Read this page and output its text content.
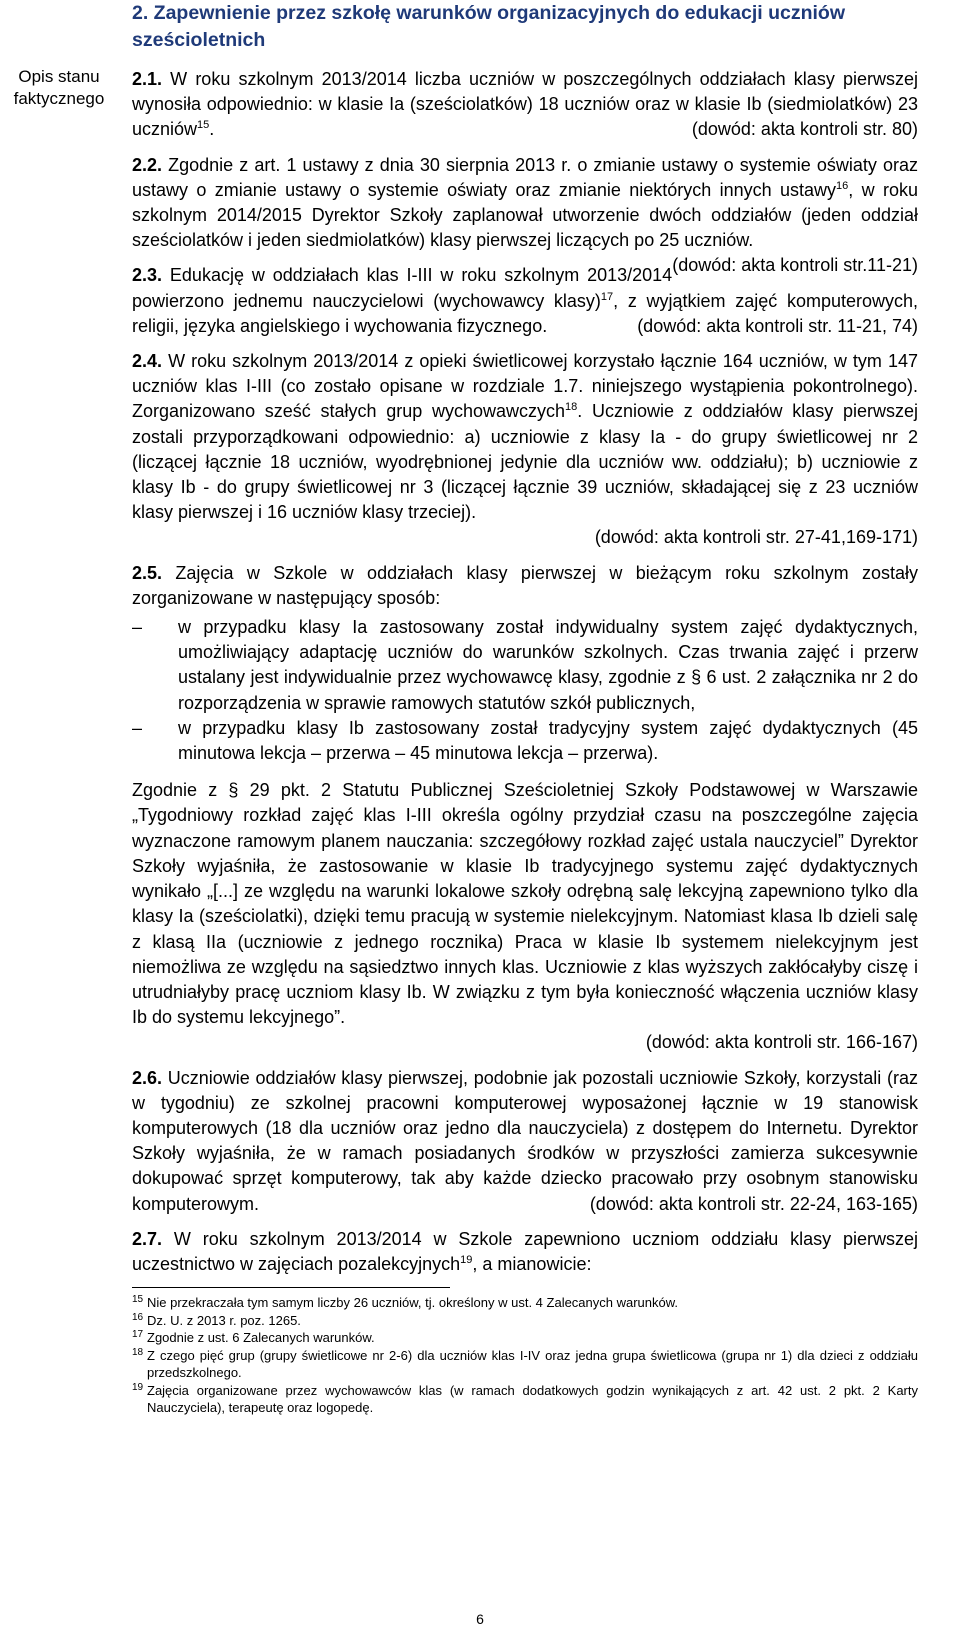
Opis stanu
faktycznego
2. Zapewnienie przez szkołę warunków organizacyjnych do edukacji uczniów sześcioletnich
2.1. W roku szkolnym 2013/2014 liczba uczniów w poszczególnych oddziałach klasy pierwszej wynosiła odpowiednio: w klasie Ia (sześciolatków) 18 uczniów oraz w klasie Ib (siedmiolatków) 23 uczniów$^{15}$.	(dowód: akta kontroli str. 80)
2.2. Zgodnie z art. 1 ustawy z dnia 30 sierpnia 2013 r. o zmianie ustawy o systemie oświaty oraz ustawy o zmianie ustawy o systemie oświaty oraz zmianie niektórych innych ustawy$^{16}$, w roku szkolnym 2014/2015 Dyrektor Szkoły zaplanował utworzenie dwóch oddziałów (jeden oddział sześciolatków i jeden siedmiolatków) klasy pierwszej liczących po 25 uczniów.
(dowód: akta kontroli str.11-21)
2.3. Edukację w oddziałach klas I-III w roku szkolnym 2013/2014 powierzono jednemu nauczycielowi (wychowawcy klasy)$^{17}$, z wyjątkiem zajęć komputerowych, religii, języka angielskiego i wychowania fizycznego.	(dowód: akta kontroli str. 11-21, 74)
2.4. W roku szkolnym 2013/2014 z opieki świetlicowej korzystało łącznie 164 uczniów, w tym 147 uczniów klas I-III (co zostało opisane w rozdziale 1.7. niniejszego wystąpienia pokontrolnego). Zorganizowano sześć stałych grup wychowawczych$^{18}$. Uczniowie z oddziałów klasy pierwszej zostali przyporządkowani odpowiednio: a) uczniowie z klasy Ia - do grupy świetlicowej nr 2 (liczącej łącznie 18 uczniów, wyodrębnionej jedynie dla uczniów ww. oddziału); b) uczniowie z klasy Ib - do grupy świetlicowej nr 3 (liczącej łącznie 39 uczniów, składającej się z 23 uczniów klasy pierwszej i 16 uczniów klasy trzeciej).
(dowód: akta kontroli str. 27-41,169-171)
2.5. Zajęcia w Szkole w oddziałach klasy pierwszej w bieżącym roku szkolnym zostały zorganizowane w następujący sposób:
– w przypadku klasy Ia zastosowany został indywidualny system zajęć dydaktycznych, umożliwiający adaptację uczniów do warunków szkolnych. Czas trwania zajęć i przerw ustalany jest indywidualnie przez wychowawcę klasy, zgodnie z § 6 ust. 2 załącznika nr 2 do rozporządzenia w sprawie ramowych statutów szkół publicznych,
– w przypadku klasy Ib zastosowany został tradycyjny system zajęć dydaktycznych (45 minutowa lekcja – przerwa – 45 minutowa lekcja – przerwa).
Zgodnie z § 29 pkt. 2 Statutu Publicznej Sześcioletniej Szkoły Podstawowej w Warszawie „Tygodniowy rozkład zajęć klas I-III określa ogólny przydział czasu na poszczególne zajęcia wyznaczone ramowym planem nauczania: szczegółowy rozkład zajęć ustala nauczyciel” Dyrektor Szkoły wyjaśniła, że zastosowanie w klasie Ib tradycyjnego systemu zajęć dydaktycznych wynikało „[...] ze względu na warunki lokalowe szkoły odrębną salę lekcyjną zapewniono tylko dla klasy Ia (sześciolatki), dzięki temu pracują w systemie nielekcyjnym. Natomiast klasa Ib dzieli salę z klasą IIa (uczniowie z jednego rocznika) Praca w klasie Ib systemem nielekcyjnym jest niemożliwa ze względu na sąsiedztwo innych klas. Uczniowie z klas wyższych zakłócałyby ciszę i utrudniałyby pracę uczniom klasy Ib. W związku z tym była konieczność włączenia uczniów klasy Ib do systemu lekcyjnego”.
(dowód: akta kontroli str. 166-167)
2.6. Uczniowie oddziałów klasy pierwszej, podobnie jak pozostali uczniowie Szkoły, korzystali (raz w tygodniu) ze szkolnej pracowni komputerowej wyposażonej łącznie w 19 stanowisk komputerowych (18 dla uczniów oraz jedno dla nauczyciela) z dostępem do Internetu. Dyrektor Szkoły wyjaśniła, że w ramach posiadanych środków w przyszłości zamierza sukcesywnie dokupować sprzęt komputerowy, tak aby każde dziecko pracowało przy osobnym stanowisku komputerowym.	(dowód: akta kontroli str. 22-24, 163-165)
2.7. W roku szkolnym 2013/2014 w Szkole zapewniono uczniom oddziału klasy pierwszej uczestnictwo w zajęciach pozalekcyjnych$^{19}$, a mianowicie:

15 Nie przekraczała tym samym liczby 26 uczniów, tj. określony w ust. 4 Zalecanych warunków.

16 Dz. U. z 2013 r. poz. 1265.

17 Zgodnie z ust. 6 Zalecanych warunków.

18 Z czego pięć grup (grupy świetlicowe nr 2-6) dla uczniów klas I-IV oraz jedna grupa świetlicowa (grupa nr 1) dla dzieci z oddziału przedszkolnego.

19 Zajęcia organizowane przez wychowawców klas (w ramach dodatkowych godzin wynikających z art. 42 ust. 2 pkt. 2 Karty Nauczyciela), terapeutę oraz logopedę.

6
